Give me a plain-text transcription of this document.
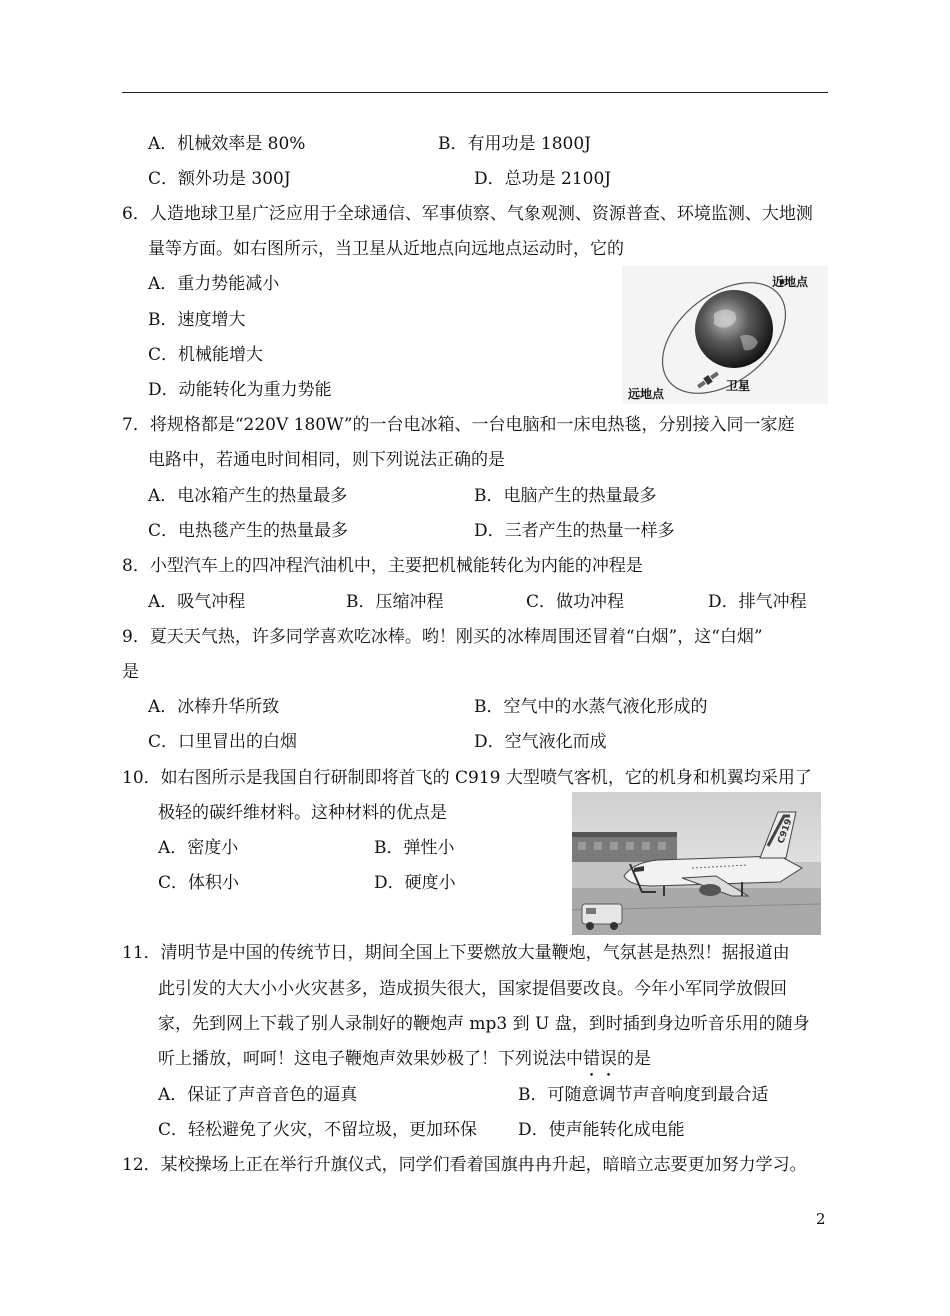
A．机械效率是 80%	B．有用功是 1800J
C．额外功是 300J	D．总功是 2100J
6．人造地球卫星广泛应用于全球通信、军事侦察、气象观测、资源普查、环境监测、大地测
量等方面。如右图所示，当卫星从近地点向远地点运动时，它的
A．重力势能减小
B．速度增大
C．机械能增大
D．动能转化为重力势能
近地点
卫星
远地点
7．将规格都是“220V 180W”的一台电冰箱、一台电脑和一床电热毯，分别接入同一家庭
电路中，若通电时间相同，则下列说法正确的是
A．电冰箱产生的热量最多	B．电脑产生的热量最多
C．电热毯产生的热量最多	D．三者产生的热量一样多
8．小型汽车上的四冲程汽油机中，主要把机械能转化为内能的冲程是
A．吸气冲程	B．压缩冲程	C．做功冲程	D．排气冲程
9．夏天天气热，许多同学喜欢吃冰棒。哟！刚买的冰棒周围还冒着“白烟”，这“白烟”
是
A．冰棒升华所致	B．空气中的水蒸气液化形成的
C．口里冒出的白烟	D．空气液化而成
10．如右图所示是我国自行研制即将首飞的 C919 大型喷气客机，它的机身和机翼均采用了
极轻的碳纤维材料。这种材料的优点是
A．密度小	B．弹性小
C．体积小	D．硬度小
C919
11．清明节是中国的传统节日，期间全国上下要燃放大量鞭炮，气氛甚是热烈！据报道由
此引发的大大小小火灾甚多，造成损失很大，国家提倡要改良。今年小军同学放假回
家，先到网上下载了别人录制好的鞭炮声 mp3 到 U 盘，到时插到身边听音乐用的随身
听上播放，呵呵！这电子鞭炮声效果妙极了！下列说法中错误的是
A．保证了声音音色的逼真	B．可随意调节声音响度到最合适
C．轻松避免了火灾，不留垃圾，更加环保 D．使声能转化成电能
12．某校操场上正在举行升旗仪式，同学们看着国旗冉冉升起，暗暗立志要更加努力学习。
2
